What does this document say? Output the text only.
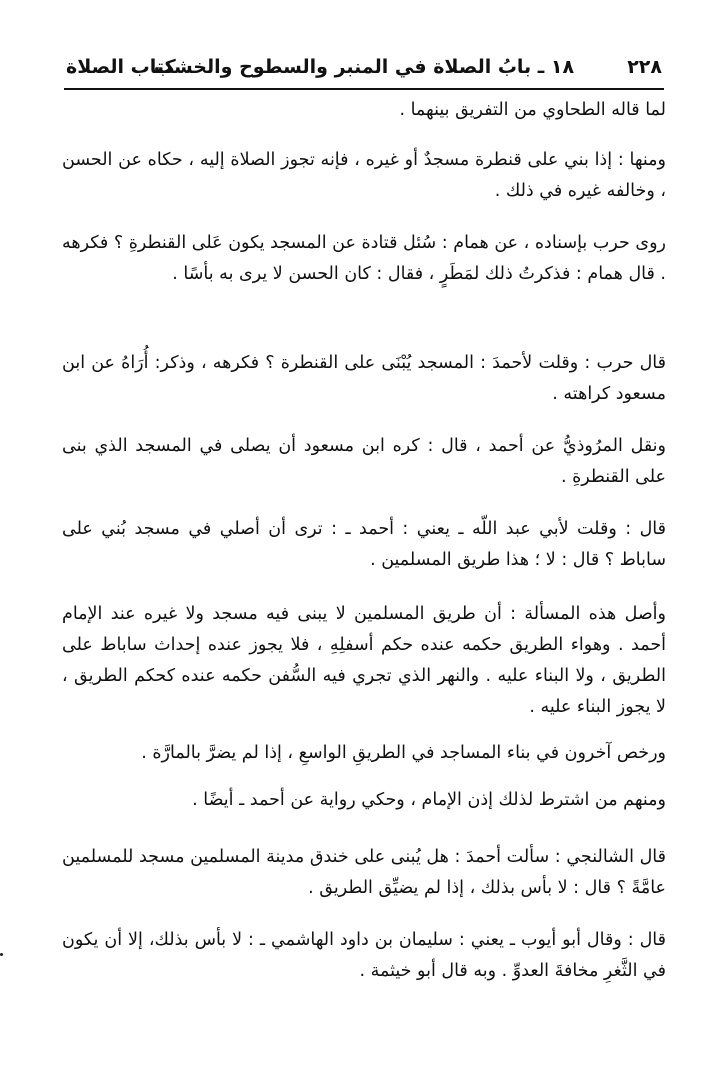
٢٢٨
١٨ ـ بابُ الصلاة في المنبر والسطوح والخشب
كتاب الصلاة

لما قاله الطحاوي من التفريق بينهما .

ومنها : إذا بني على قنطرة مسجدٌ أو غيره ، فإنه تجوز الصلاة إليه ، حكاه عن الحسن ، وخالفه غيره في ذلك .

روى حرب بإسناده ، عن همام : سُئل قتادة عن المسجد يكون عَلى القنطرةِ ؟ فكرهه . قال همام : فذكرتُ ذلك لمَطَرٍ ، فقال : كان الحسن لا يرى به بأسًا .

قال حرب : وقلت لأحمدَ : المسجد يُبْنَى على القنطرة ؟ فكرهه ، وذكر: أُرَاهُ عن ابن مسعود كراهته .

ونقل المرُوذيُّ عن أحمد ، قال : كره ابن مسعود أن يصلى في المسجد الذي بنى على القنطرةِ .

قال : وقلت لأبي عبد اللّه ـ يعني : أحمد ـ : ترى أن أصلي في مسجد بُني على ساباط ؟ قال : لا ؛ هذا طريق المسلمين .

وأصل هذه المسألة : أن طريق المسلمين لا يبنى فيه مسجد ولا غيره عند الإمام أحمد . وهواء الطريق حكمه عنده حكم أسفلِهِ ، فلا يجوز عنده إحداث ساباط على الطريق ، ولا البناء عليه . والنهر الذي تجري فيه السُّفن حكمه عنده كحكم الطريق ، لا يجوز البناء عليه .

ورخص آخرون في بناء المساجد في الطريقِ الواسعِ ، إذا لم يضرَّ بالمارَّة .

ومنهم من اشترط لذلك إذن الإمام ، وحكي رواية عن أحمد ـ أيضًا .

قال الشالنجي : سألت أحمدَ : هل يُبنى على خندق مدينة المسلمين مسجد للمسلمين عامَّةً ؟ قال : لا بأس بذلك ، إذا لم يضيِّق الطريق .

قال : وقال أبو أيوب ـ يعني : سليمان بن داود الهاشمي ـ : لا بأس بذلك، إلا أن يكون في الثَّغرِ مخافةَ العدوِّ . وبه قال أبو خيثمة .
